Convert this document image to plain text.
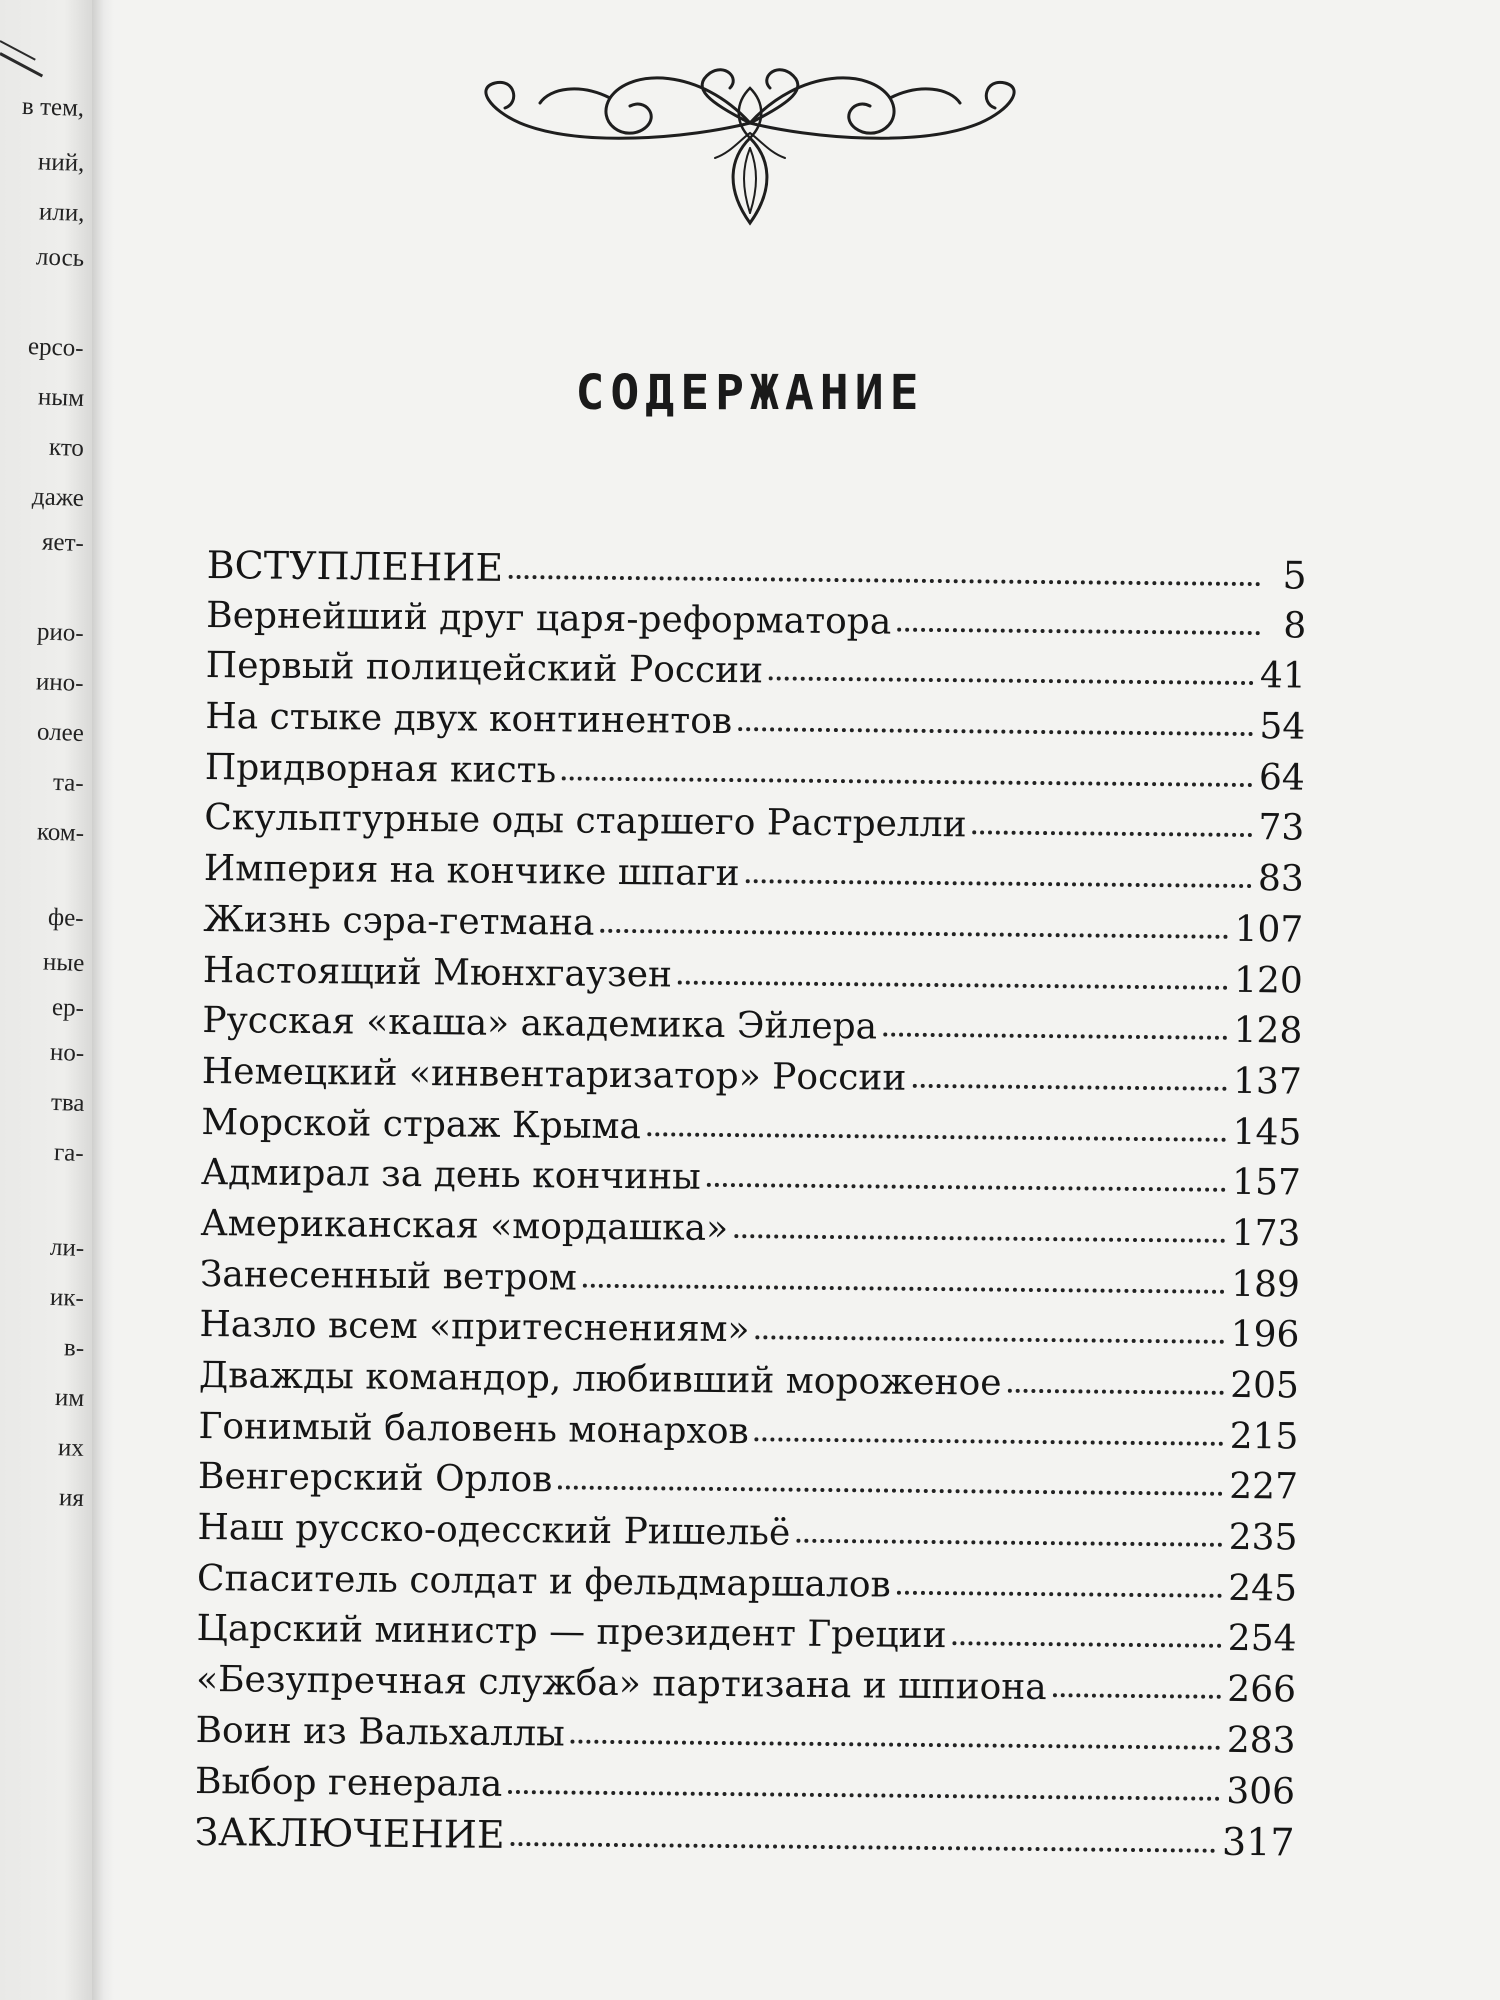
в тем,
ний,
или,
лось
ерсо-
ным
кто
даже
яет-
рио-
ино-
олее
та-
ком-
фе-
ные
ер-
но-
тва
га-
ли-
ик-
в-
им
их
ия
СОДЕРЖАНИЕ
ВСТУПЛЕНИЕ	5
Вернейший друг царя-реформатора	8
Первый полицейский России	41
На стыке двух континентов	54
Придворная кисть	64
Скульптурные оды старшего Растрелли	73
Империя на кончике шпаги	83
Жизнь сэра-гетмана	107
Настоящий Мюнхгаузен	120
Русская «каша» академика Эйлера	128
Немецкий «инвентаризатор» России	137
Морской страж Крыма	145
Адмирал за день кончины	157
Американская «мордашка»	173
Занесенный ветром	189
Назло всем «притеснениям»	196
Дважды командор, любивший мороженое	205
Гонимый баловень монархов	215
Венгерский Орлов	227
Наш русско-одесский Ришельё	235
Спаситель солдат и фельдмаршалов	245
Царский министр — президент Греции	254
«Безупречная служба» партизана и шпиона	266
Воин из Вальхаллы	283
Выбор генерала	306
ЗАКЛЮЧЕНИЕ	317
